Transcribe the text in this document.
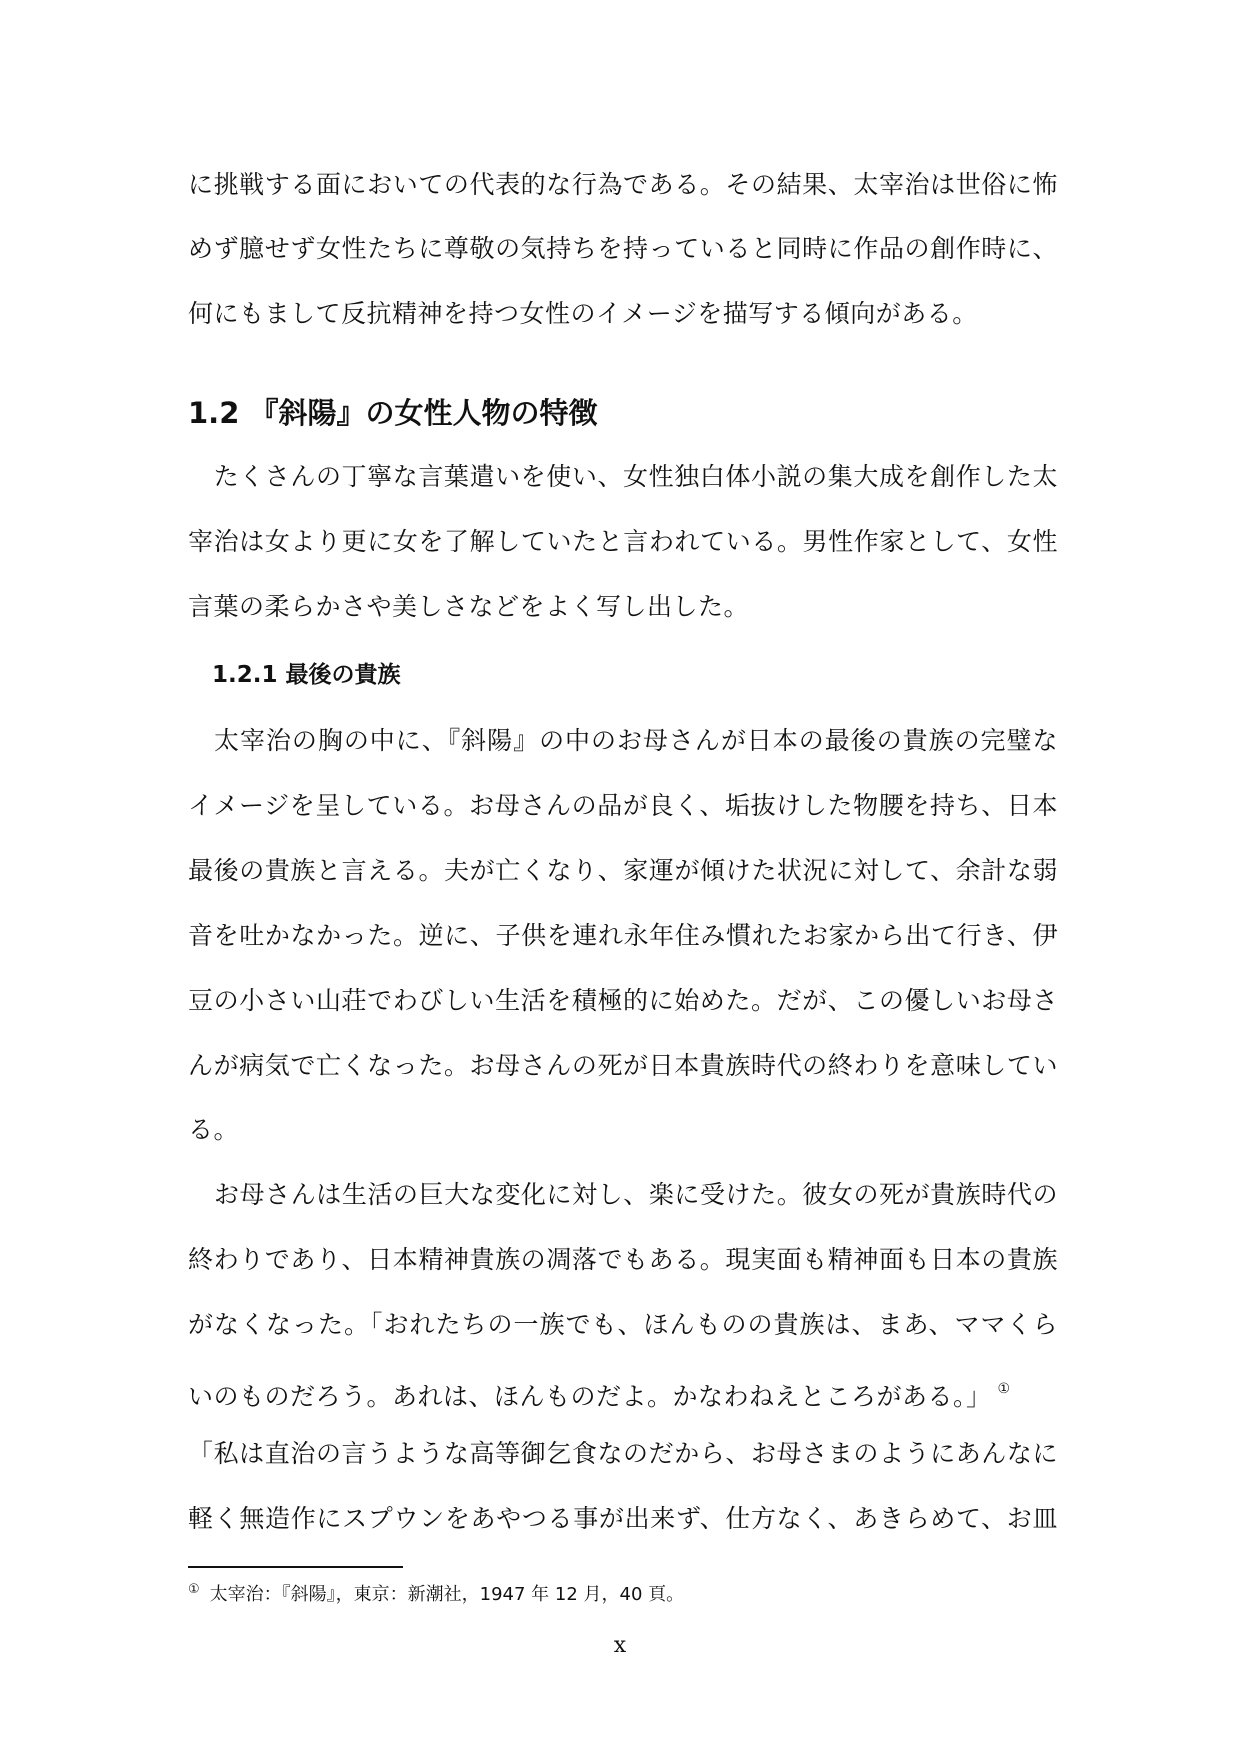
に挑戦する面においての代表的な行為である。その結果、太宰治は世俗に怖
めず臆せず女性たちに尊敬の気持ちを持っていると同時に作品の創作時に、
何にもまして反抗精神を持つ女性のイメージを描写する傾向がある。
1.2 『斜陽』の女性人物の特徴
　たくさんの丁寧な言葉遣いを使い、女性独白体小説の集大成を創作した太
宰治は女より更に女を了解していたと言われている。男性作家として、女性
言葉の柔らかさや美しさなどをよく写し出した。
1.2.1 最後の貴族
太宰治の胸の中に、『斜陽』の中のお母さんが日本の最後の貴族の完璧な
イメージを呈している。お母さんの品が良く、垢抜けした物腰を持ち、日本
最後の貴族と言える。夫が亡くなり、家運が傾けた状況に対して、余計な弱
音を吐かなかった。逆に、子供を連れ永年住み慣れたお家から出て行き、伊
豆の小さい山荘でわびしい生活を積極的に始めた。だが、この優しいお母さ
んが病気で亡くなった。お母さんの死が日本貴族時代の終わりを意味してい
る。
お母さんは生活の巨大な変化に対し、楽に受けた。彼女の死が貴族時代の
終わりであり、日本精神貴族の凋落でもある。現実面も精神面も日本の貴族
がなくなった。「おれたちの一族でも、ほんものの貴族は、まあ、ママくら
いのものだろう。あれは、ほんものだよ。かなわねえところがある。」 ①
「私は直治の言うような高等御乞食なのだから、お母さまのようにあんなに
軽く無造作にスプウンをあやつる事が出来ず、仕方なく、あきらめて、お皿
① 太宰治：『斜陽』，東京：新潮社，1947 年 12 月，40 頁。
x
